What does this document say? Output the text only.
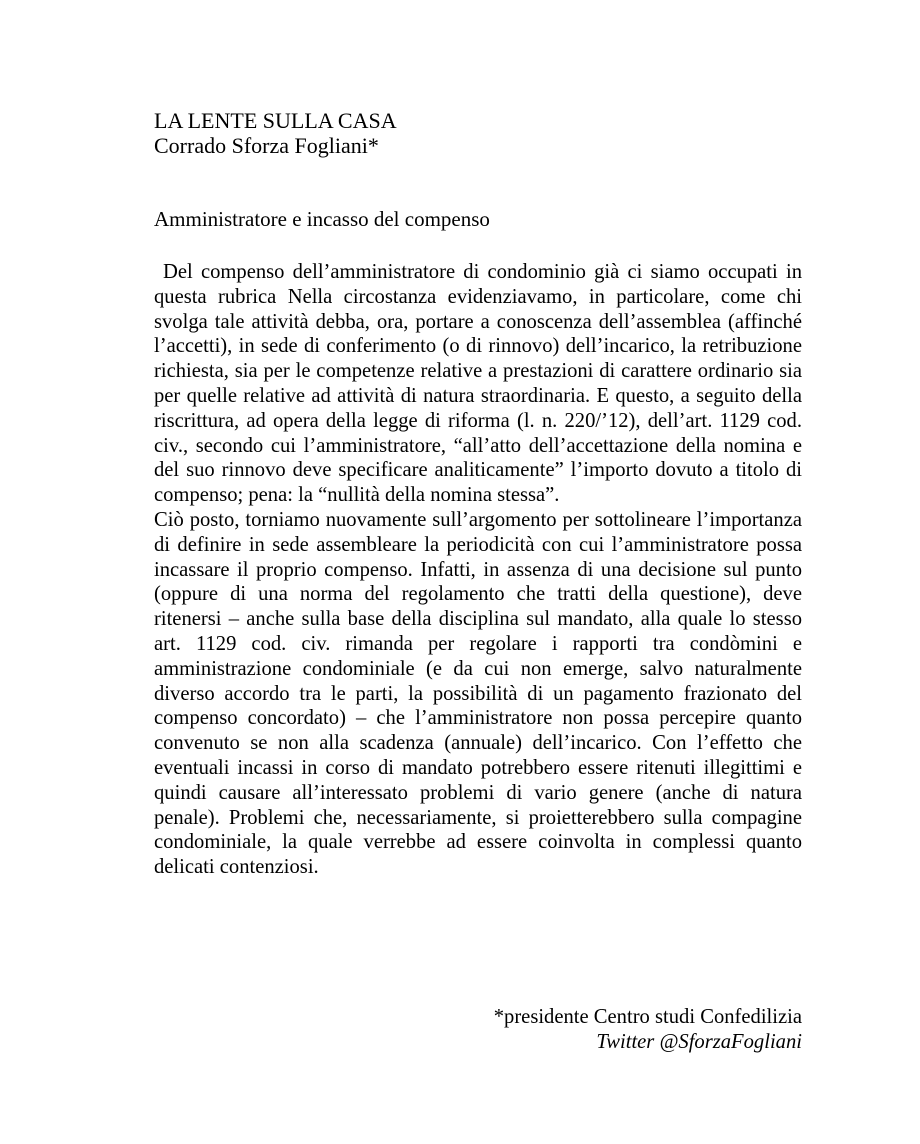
LA LENTE SULLA CASA
Corrado Sforza Fogliani*
Amministratore e incasso del compenso

Del compenso dell’amministratore di condominio già ci siamo occupati in questa rubrica Nella circostanza evidenziavamo, in particolare, come chi svolga tale attività debba, ora, portare a conoscenza dell’assemblea (affinché l’accetti), in sede di conferimento (o di rinnovo) dell’incarico, la retribuzione richiesta, sia per le competenze relative a prestazioni di carattere ordinario sia per quelle relative ad attività di natura straordinaria. E questo, a seguito della riscrittura, ad opera della legge di riforma (l. n. 220/’12), dell’art. 1129 cod. civ., secondo cui l’amministratore, “all’atto dell’accettazione della nomina e del suo rinnovo deve specificare analiticamente” l’importo dovuto a titolo di compenso; pena: la “nullità della nomina stessa”.

Ciò posto, torniamo nuovamente sull’argomento per sottolineare l’importanza di definire in sede assembleare la periodicità con cui l’amministratore possa incassare il proprio compenso. Infatti, in assenza di una decisione sul punto (oppure di una norma del regolamento che tratti della questione), deve ritenersi – anche sulla base della disciplina sul mandato, alla quale lo stesso art. 1129 cod. civ. rimanda per regolare i rapporti tra condòmini e amministrazione condominiale (e da cui non emerge, salvo naturalmente diverso accordo tra le parti, la possibilità di un pagamento frazionato del compenso concordato) – che l’amministratore non possa percepire quanto convenuto se non alla scadenza (annuale) dell’incarico. Con l’effetto che eventuali incassi in corso di mandato potrebbero essere ritenuti illegittimi e quindi causare all’interessato problemi di vario genere (anche di natura penale). Problemi che, necessariamente, si proietterebbero sulla compagine condominiale, la quale verrebbe ad essere coinvolta in complessi quanto delicati contenziosi.

*presidente Centro studi Confedilizia
Twitter @SforzaFogliani
